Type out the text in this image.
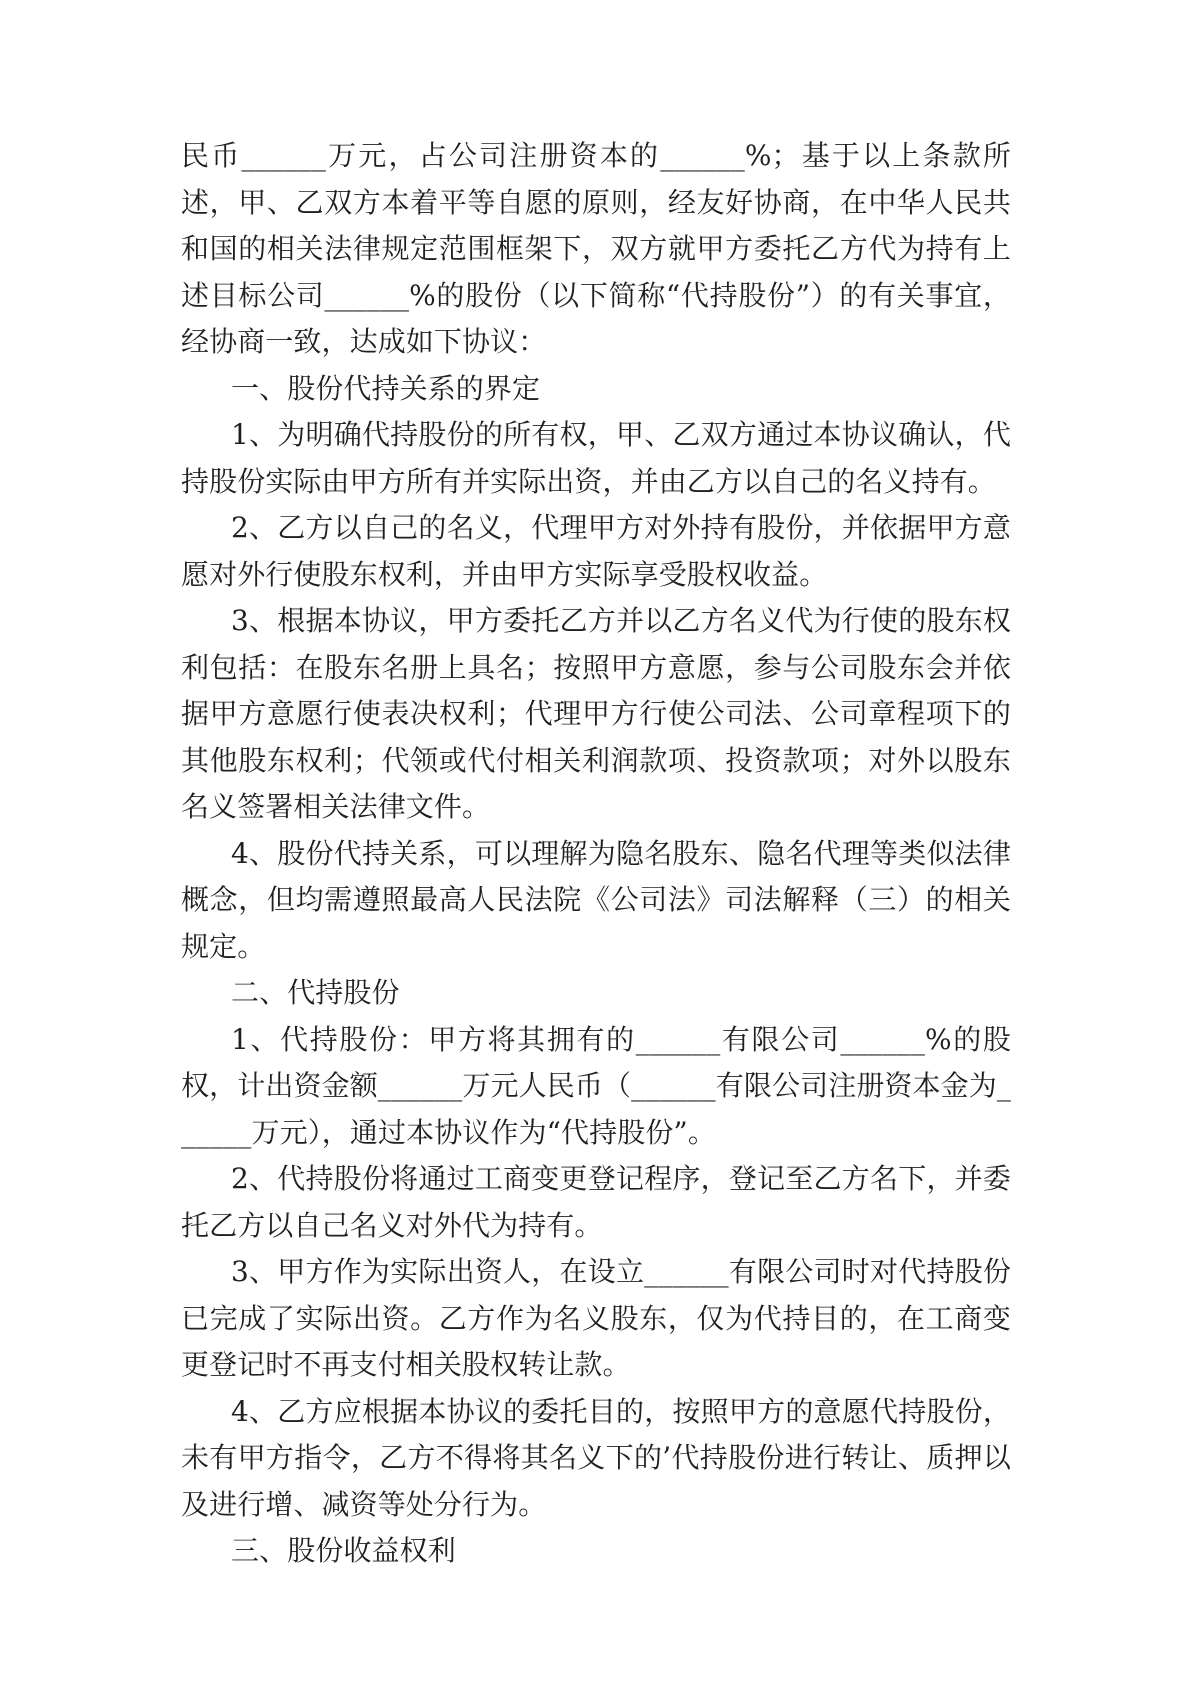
民币______万元，占公司注册资本的______%；基于以上条款所述，甲、乙双方本着平等自愿的原则，经友好协商，在中华人民共和国的相关法律规定范围框架下，双方就甲方委托乙方代为持有上述目标公司______%的股份（以下简称“代持股份”）的有关事宜，经协商一致，达成如下协议：

一、股份代持关系的界定

1、为明确代持股份的所有权，甲、乙双方通过本协议确认，代持股份实际由甲方所有并实际出资，并由乙方以自己的名义持有。

2、乙方以自己的名义，代理甲方对外持有股份，并依据甲方意愿对外行使股东权利，并由甲方实际享受股权收益。

3、根据本协议，甲方委托乙方并以乙方名义代为行使的股东权利包括：在股东名册上具名；按照甲方意愿，参与公司股东会并依据甲方意愿行使表决权利；代理甲方行使公司法、公司章程项下的其他股东权利；代领或代付相关利润款项、投资款项；对外以股东名义签署相关法律文件。

4、股份代持关系，可以理解为隐名股东、隐名代理等类似法律概念，但均需遵照最高人民法院《公司法》司法解释（三）的相关规定。

二、代持股份

1、代持股份：甲方将其拥有的______有限公司______%的股权，计出资金额______万元人民币（______有限公司注册资本金为______万元），通过本协议作为“代持股份”。

2、代持股份将通过工商变更登记程序，登记至乙方名下，并委托乙方以自己名义对外代为持有。

3、甲方作为实际出资人，在设立______有限公司时对代持股份已完成了实际出资。乙方作为名义股东，仅为代持目的，在工商变更登记时不再支付相关股权转让款。

4、乙方应根据本协议的委托目的，按照甲方的意愿代持股份，未有甲方指令，乙方不得将其名义下的’代持股份进行转让、质押以及进行增、减资等处分行为。

三、股份收益权利
